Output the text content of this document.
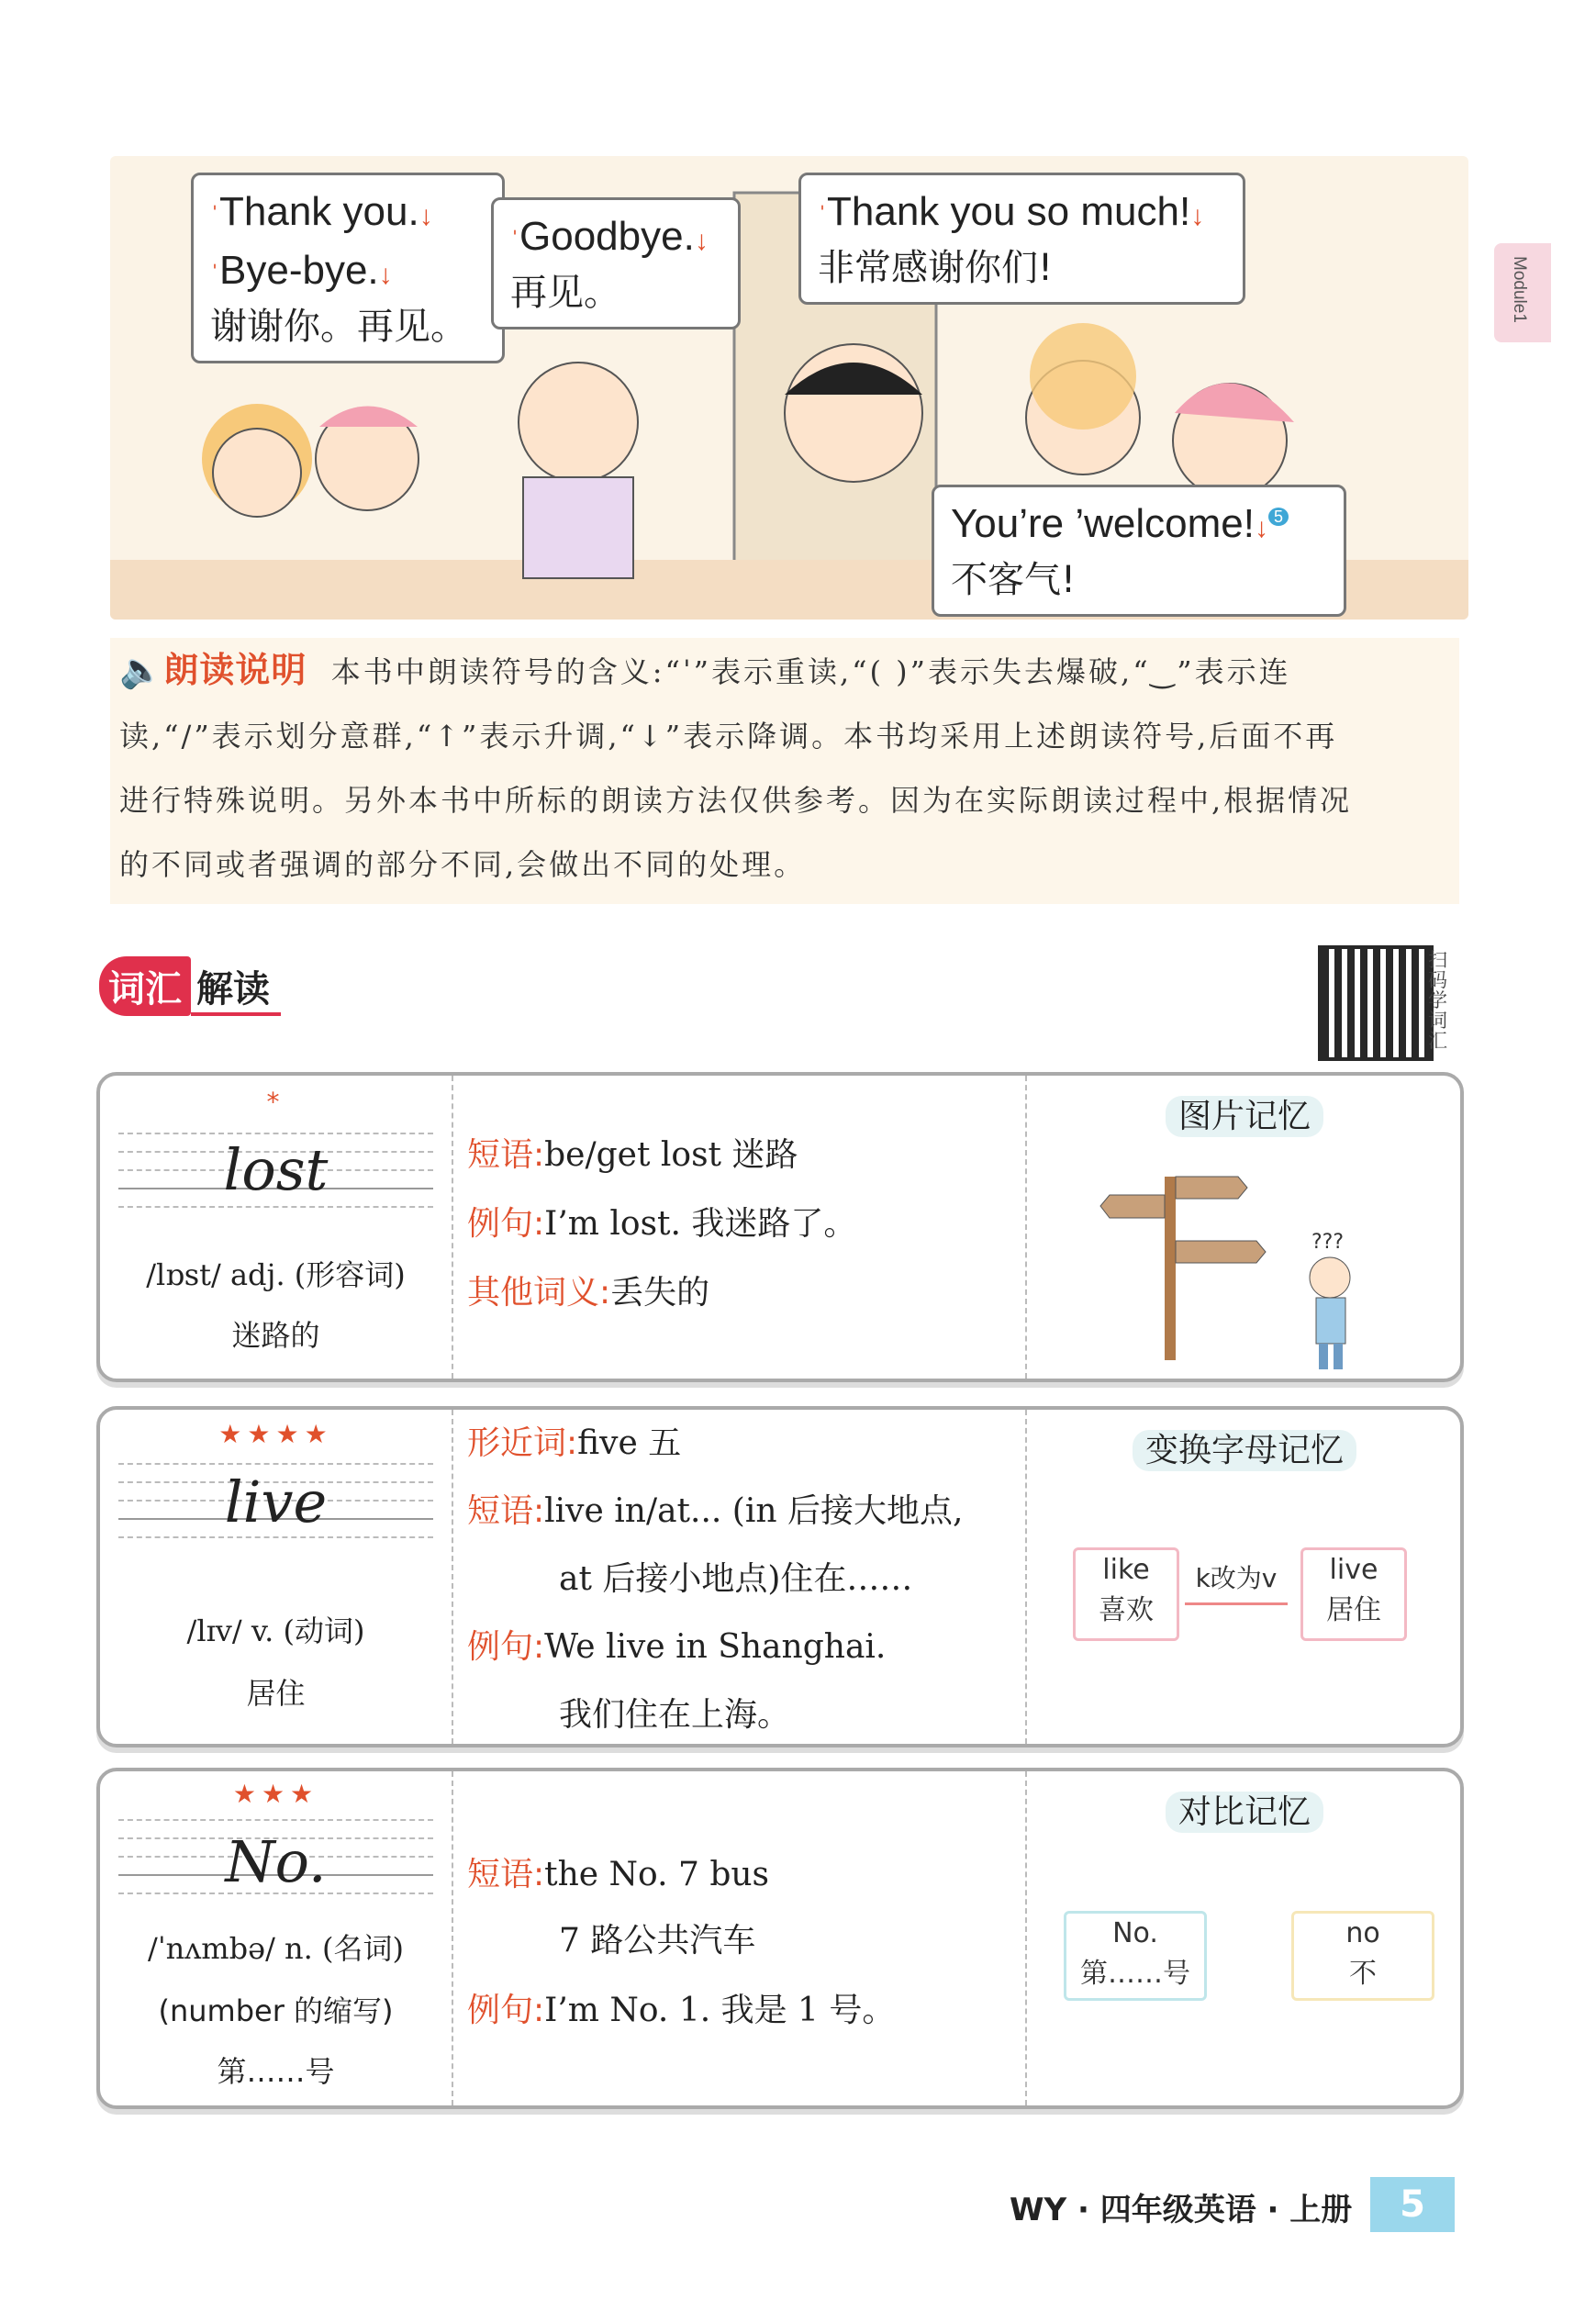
ˈThank you.↓
ˈBye-bye.↓
谢谢你。再见。
ˈGoodbye.↓
再见。
ˈThank you so much!↓
非常感谢你们!
You’re ’welcome!↓ $^5$
不客气!
Module1

🔈朗读说明 本书中朗读符号的含义:“ˈ”表示重读,“( )”表示失去爆破,“‿”表示连

读,“/”表示划分意群,“↑”表示升调,“↓”表示降调。本书均采用上述朗读符号,后面不再

进行特殊说明。另外本书中所标的朗读方法仅供参考。因为在实际朗读过程中,根据情况

的不同或者强调的部分不同,会做出不同的处理。

词汇 解读
扫码学词汇
*
lost
/lɒst/ adj. (形容词)
迷路的
短语:be/get lost 迷路
例句:I’m lost. 我迷路了。
其他词义:丢失的
图片记忆
???
★★★★
live
/lɪv/ v. (动词)
居住
形近词:five 五
短语:live in/at... (in 后接大地点,
at 后接小地点)住在……
例句:We live in Shanghai.
我们住在上海。
变换字母记忆
like
喜欢
k改为v	live
居住
★★★
No.
/ˈnʌmbə/ n. (名词)
(number 的缩写)
第……号
短语:the No. 7 bus
7 路公共汽车
例句:I’m No. 1. 我是 1 号。
对比记忆
No.
第……号
no
不
WY · 四年级英语 · 上册	5
